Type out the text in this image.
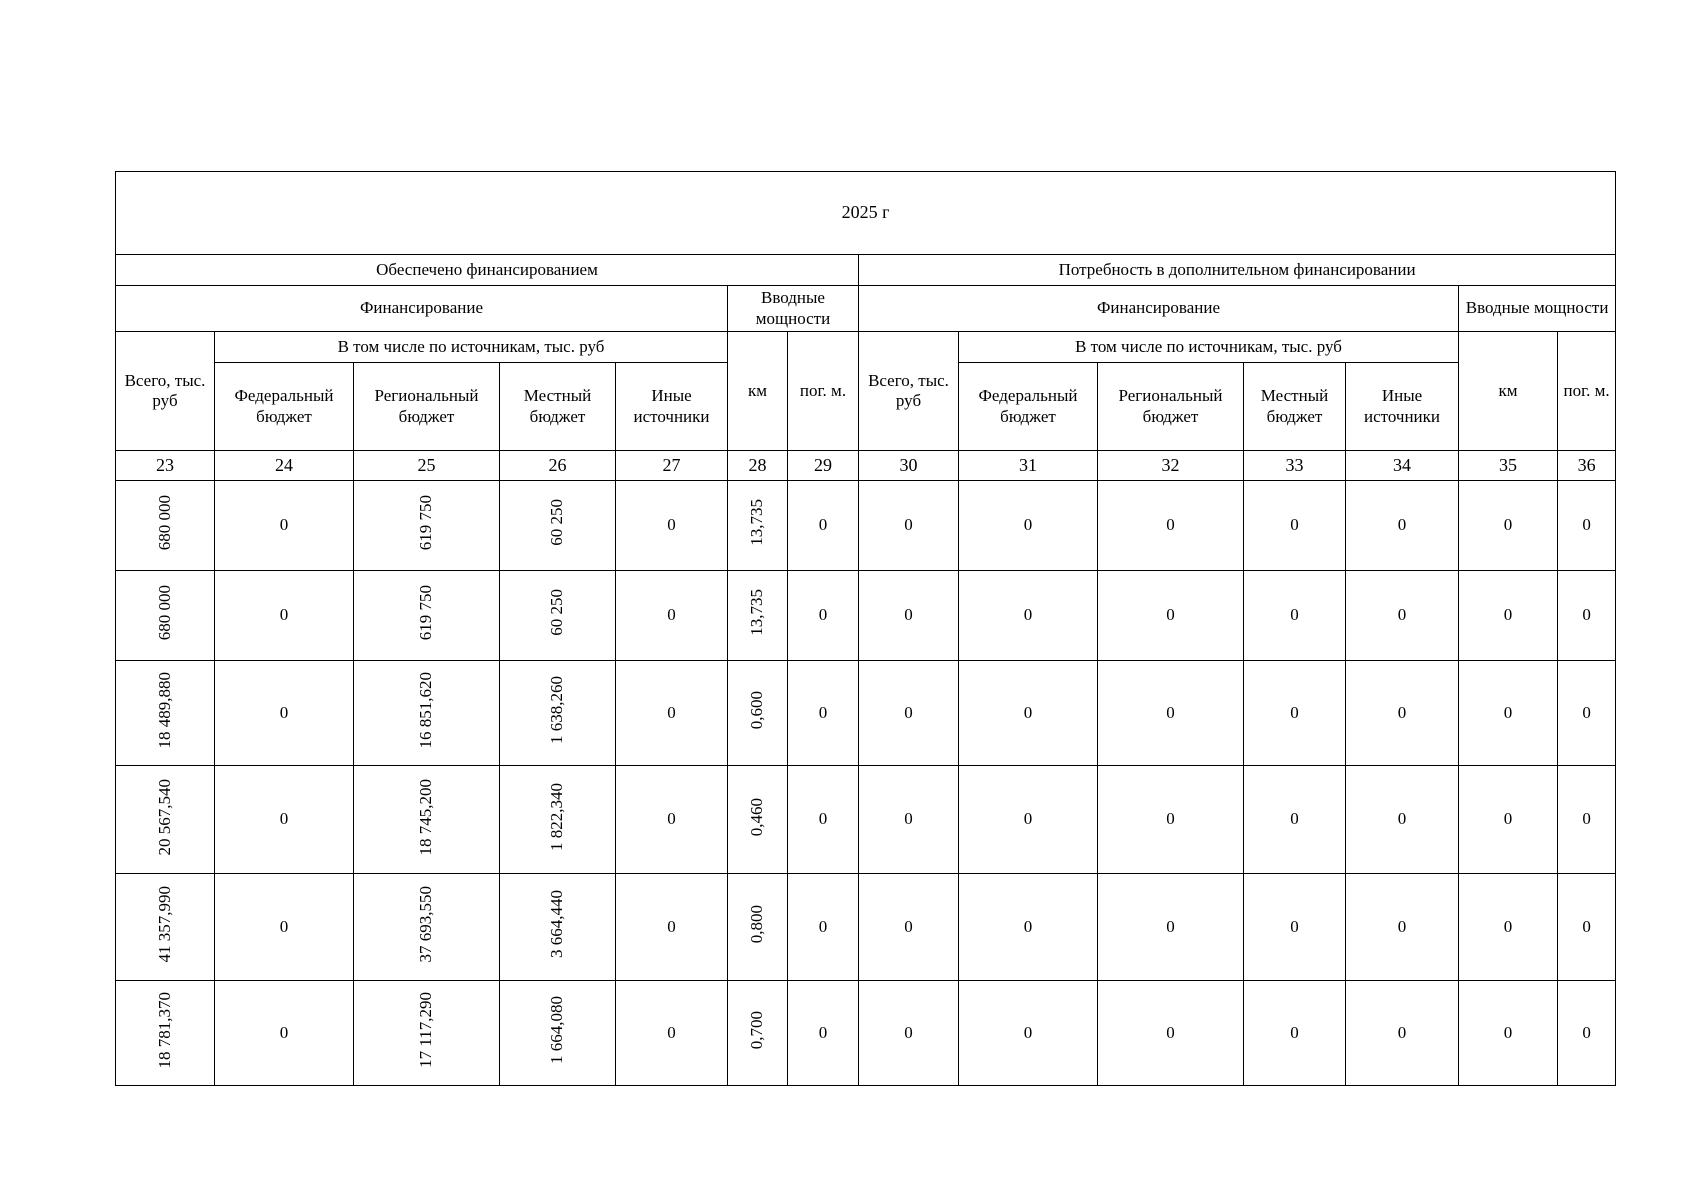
2025 г													
Обеспечено финансированием							Потребность в дополнительном финансировании						
Финансирование					Вводные мощности		Финансирование					Вводные мощности	
Всего, тыс. руб	В том числе по источникам, тыс. руб				км	пог. м.	Всего, тыс. руб	В том числе по источникам, тыс. руб				км	пог. м.
	Федеральный бюджет	Региональный бюджет	Местный бюджет	Иные источники				Федеральный бюджет	Региональный бюджет	Местный бюджет	Иные источники		
23	24	25	26	27	28	29	30	31	32	33	34	35	36
680 000	0	619 750	60 250	0	13,735	0	0	0	0	0	0	0	0
680 000	0	619 750	60 250	0	13,735	0	0	0	0	0	0	0	0
18 489,880	0	16 851,620	1 638,260	0	0,600	0	0	0	0	0	0	0	0
20 567,540	0	18 745,200	1 822,340	0	0,460	0	0	0	0	0	0	0	0
41 357,990	0	37 693,550	3 664,440	0	0,800	0	0	0	0	0	0	0	0
18 781,370	0	17 117,290	1 664,080	0	0,700	0	0	0	0	0	0	0	0
